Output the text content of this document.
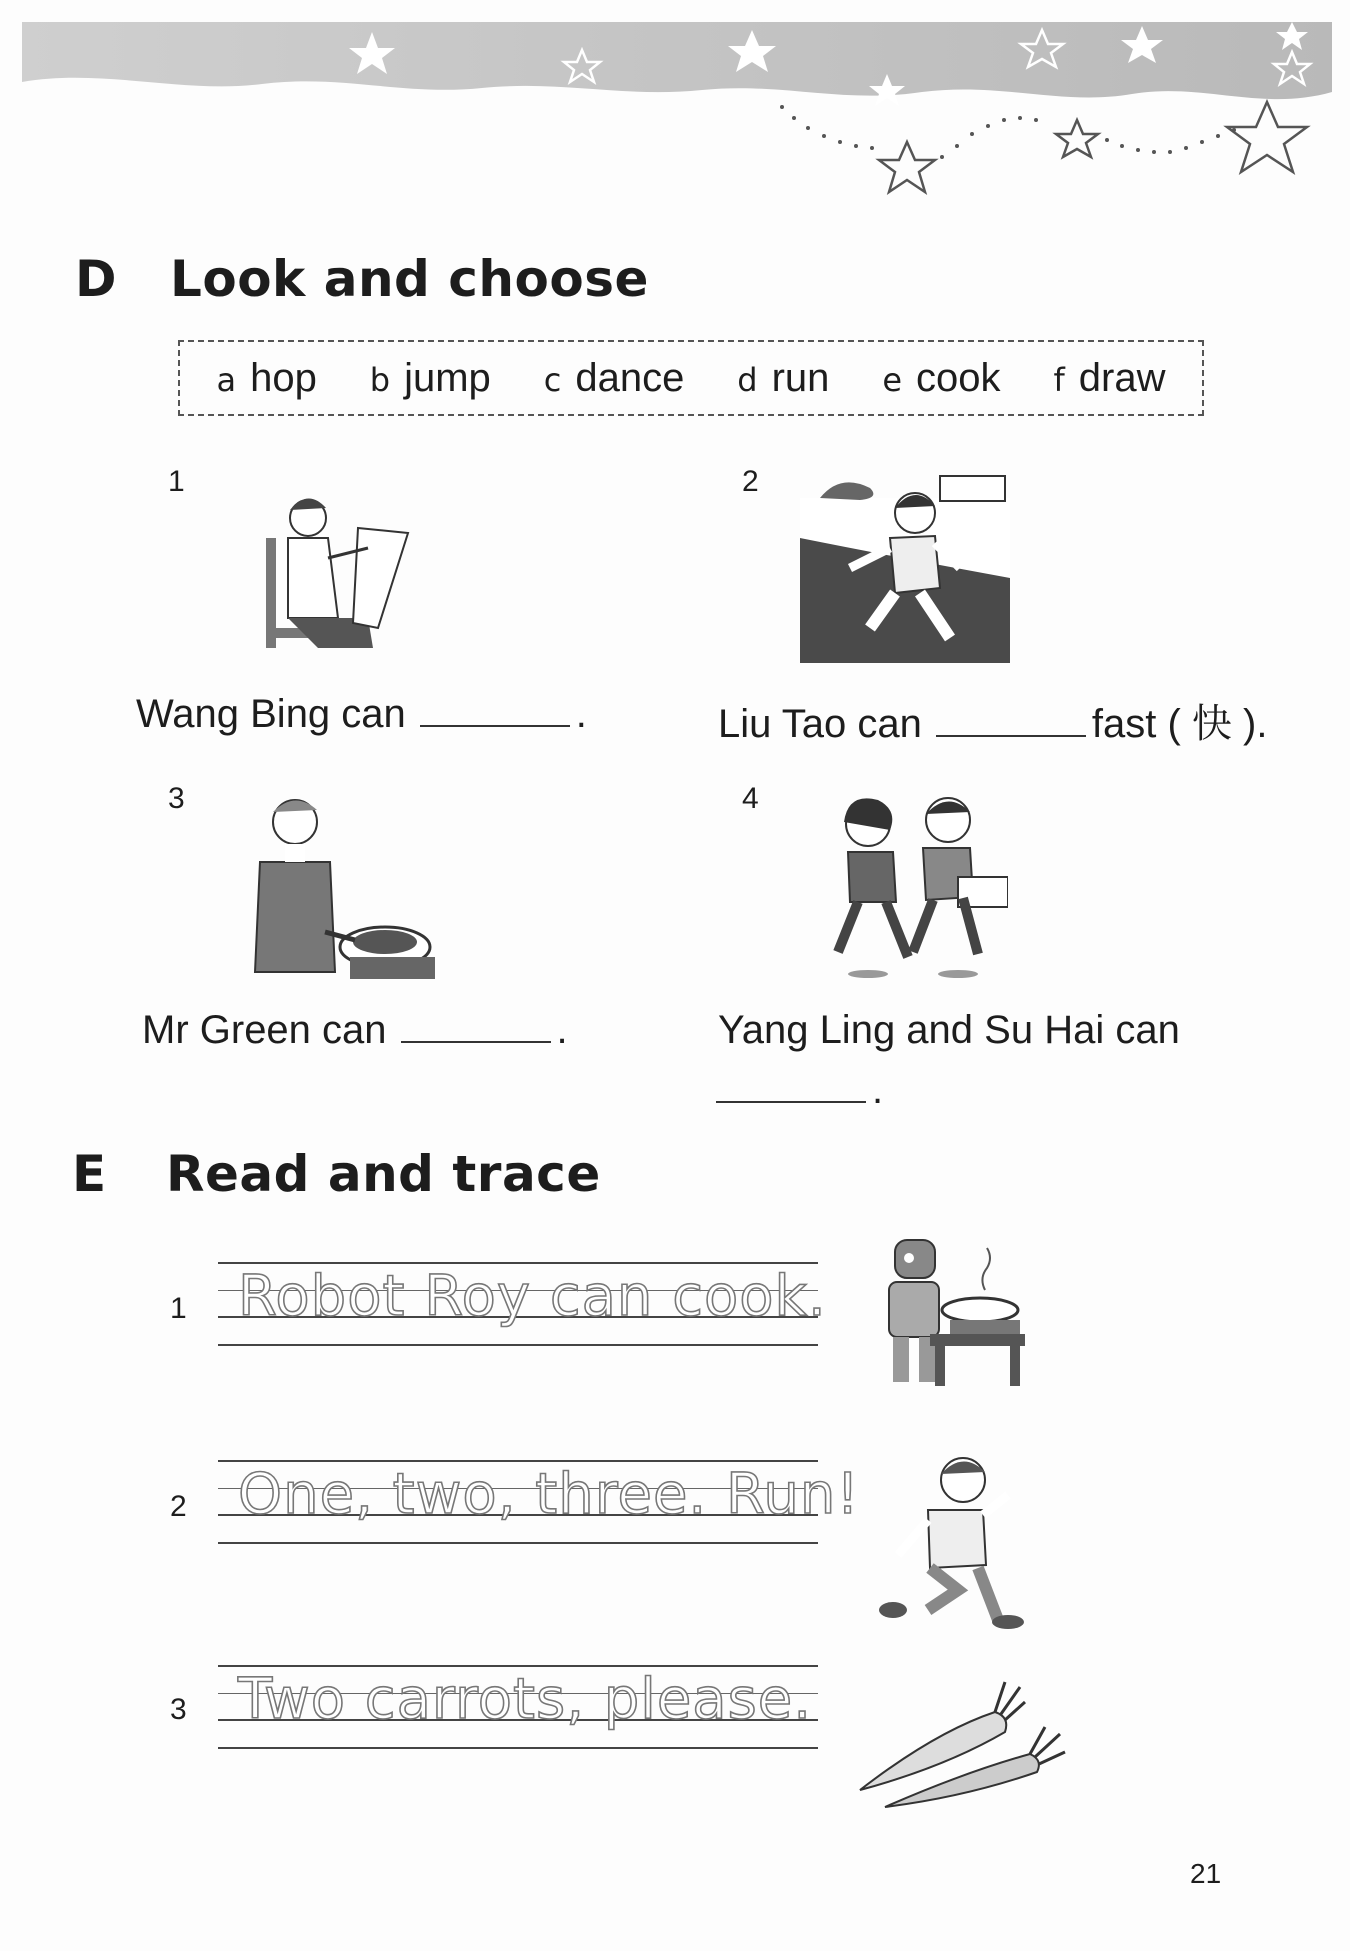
D Look and choose
a hop b jump c dance d run e cook f draw
1
Wang Bing can	.
2
Liu Tao can	fast ( 快 ).
3
Mr Green can	.
4
Yang Ling and Su Hai can
.
E Read and trace
1 Robot Roy can cook.
2 One, two, three. Run!
3 Two carrots, please.
21
